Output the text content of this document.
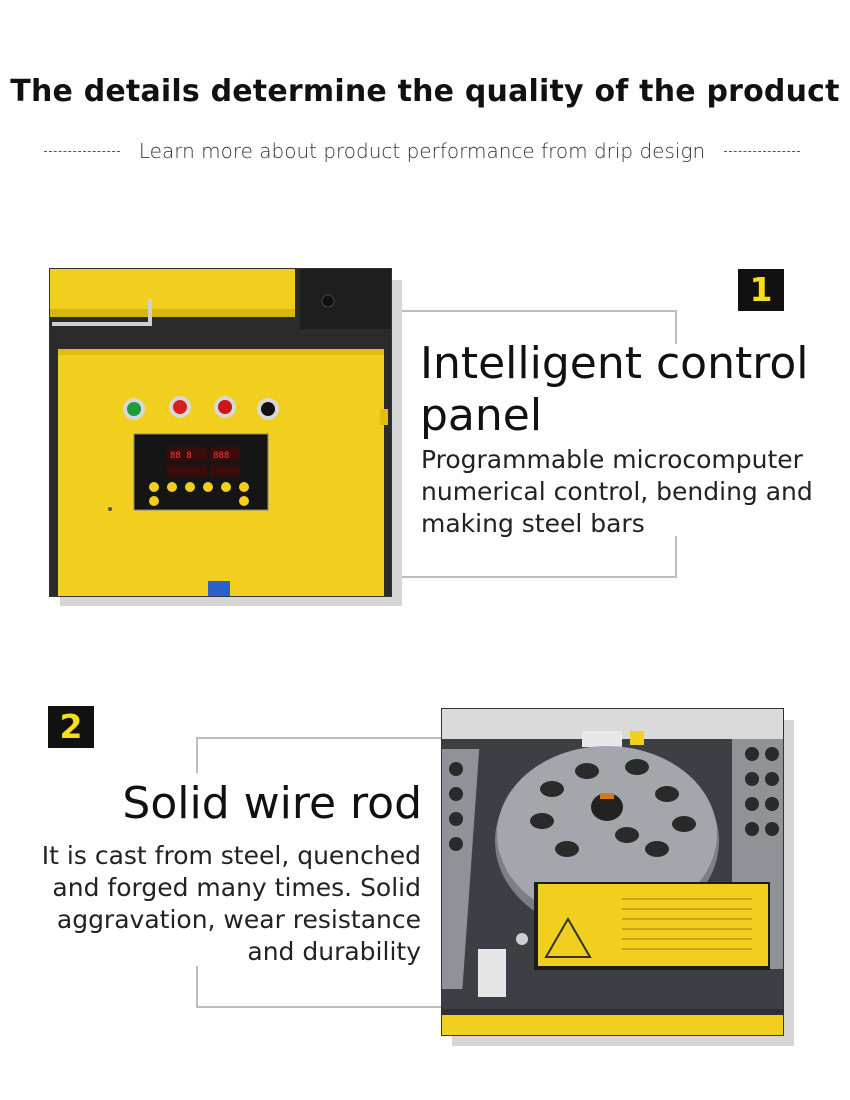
The details determine the quality of the product
Learn more about product performance from drip design
88 8 888
1
Intelligent control panel
Programmable microcomputer numerical control, bending and making steel bars
2
Solid wire rod
It is cast from steel, quenched and forged many times. Solid aggravation, wear resistance and durability
